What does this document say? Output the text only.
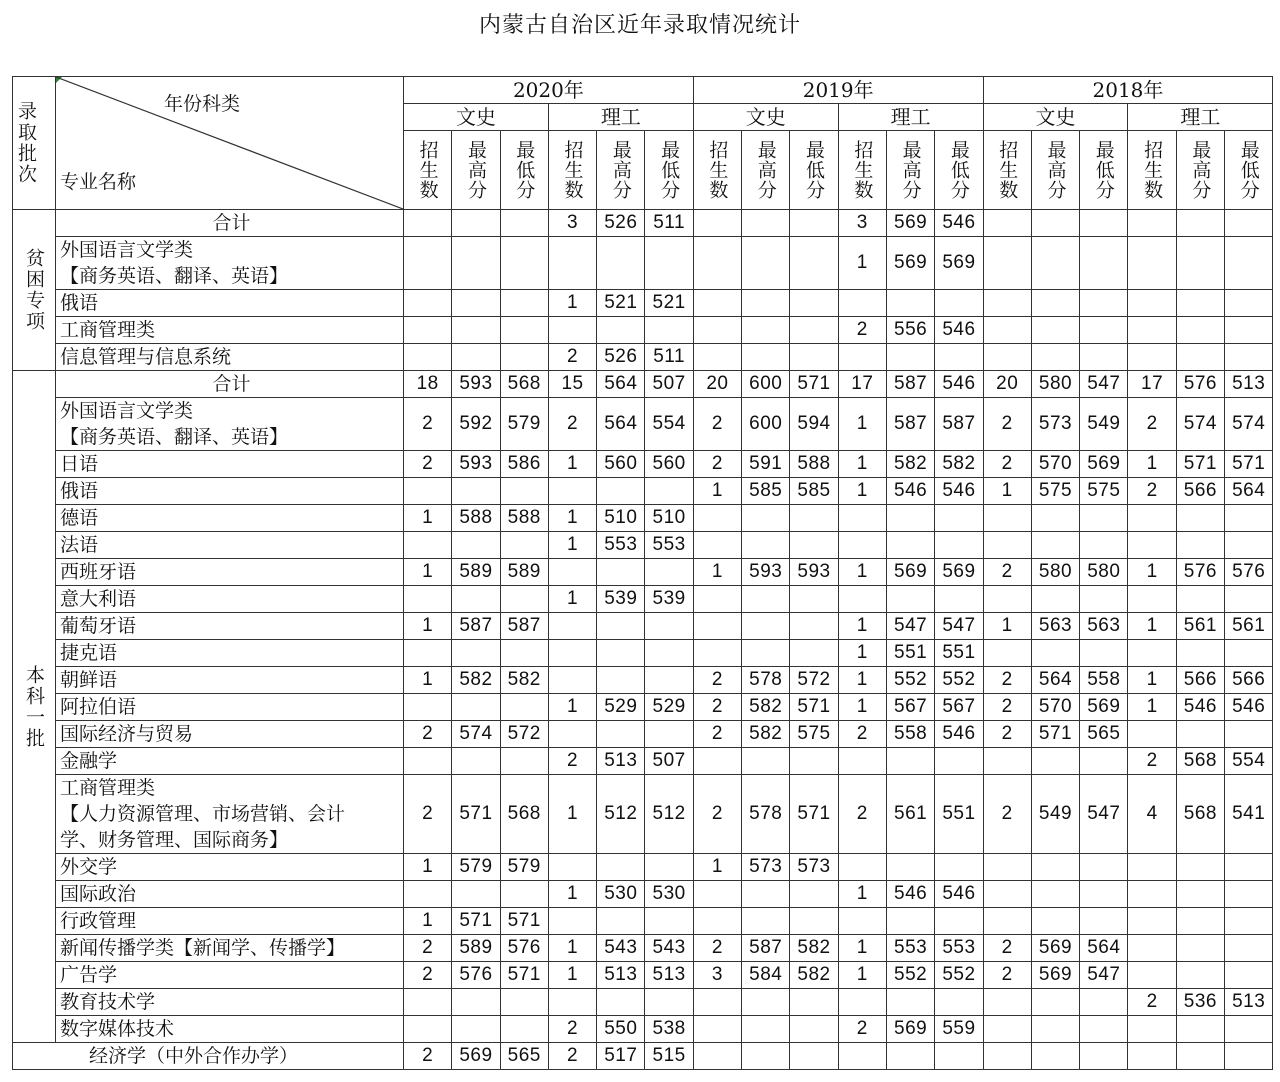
内蒙古自治区近年录取情况统计
录取批次	年份科类
专业名称	2020年						2019年						2018年					
		文史			理工			文史			理工			文史			理工		

		招生数	最高分	最低分	招生数	最高分	最低分	招生数	最高分	最低分	招生数	最高分	最低分	招生数	最高分	最低分	招生数	最高分	最低分

贫困专项	合计				3	526	511				3	569	546						

	外国语言文学类
【商务英语、翻译、英语】										1	569	569						

	俄语				1	521	521												

	工商管理类										2	556	546						

	信息管理与信息系统				2	526	511												

本科一批	合计	18	593	568	15	564	507	20	600	571	17	587	546	20	580	547	17	576	513

	外国语言文学类
【商务英语、翻译、英语】	2	592	579	2	564	554	2	600	594	1	587	587	2	573	549	2	574	574

	日语	2	593	586	1	560	560	2	591	588	1	582	582	2	570	569	1	571	571

	俄语							1	585	585	1	546	546	1	575	575	2	566	564

	德语	1	588	588	1	510	510												

	法语				1	553	553												

	西班牙语	1	589	589				1	593	593	1	569	569	2	580	580	1	576	576

	意大利语				1	539	539												

	葡萄牙语	1	587	587							1	547	547	1	563	563	1	561	561

	捷克语										1	551	551						

	朝鲜语	1	582	582				2	578	572	1	552	552	2	564	558	1	566	566

	阿拉伯语				1	529	529	2	582	571	1	567	567	2	570	569	1	546	546

	国际经济与贸易	2	574	572				2	582	575	2	558	546	2	571	565			

	金融学				2	513	507										2	568	554

	工商管理类
【人力资源管理、市场营销、会计
学、财务管理、国际商务】	2	571	568	1	512	512	2	578	571	2	561	551	2	549	547	4	568	541

	外交学	1	579	579				1	573	573									

	国际政治				1	530	530				1	546	546						

	行政管理	1	571	571															

	新闻传播学类【新闻学、传播学】	2	589	576	1	543	543	2	587	582	1	553	553	2	569	564			

	广告学	2	576	571	1	513	513	3	584	582	1	552	552	2	569	547			

	教育技术学																2	536	513

	数字媒体技术				2	550	538				2	569	559						
经济学（中外合作办学）		2	569	565	2	517	515												
